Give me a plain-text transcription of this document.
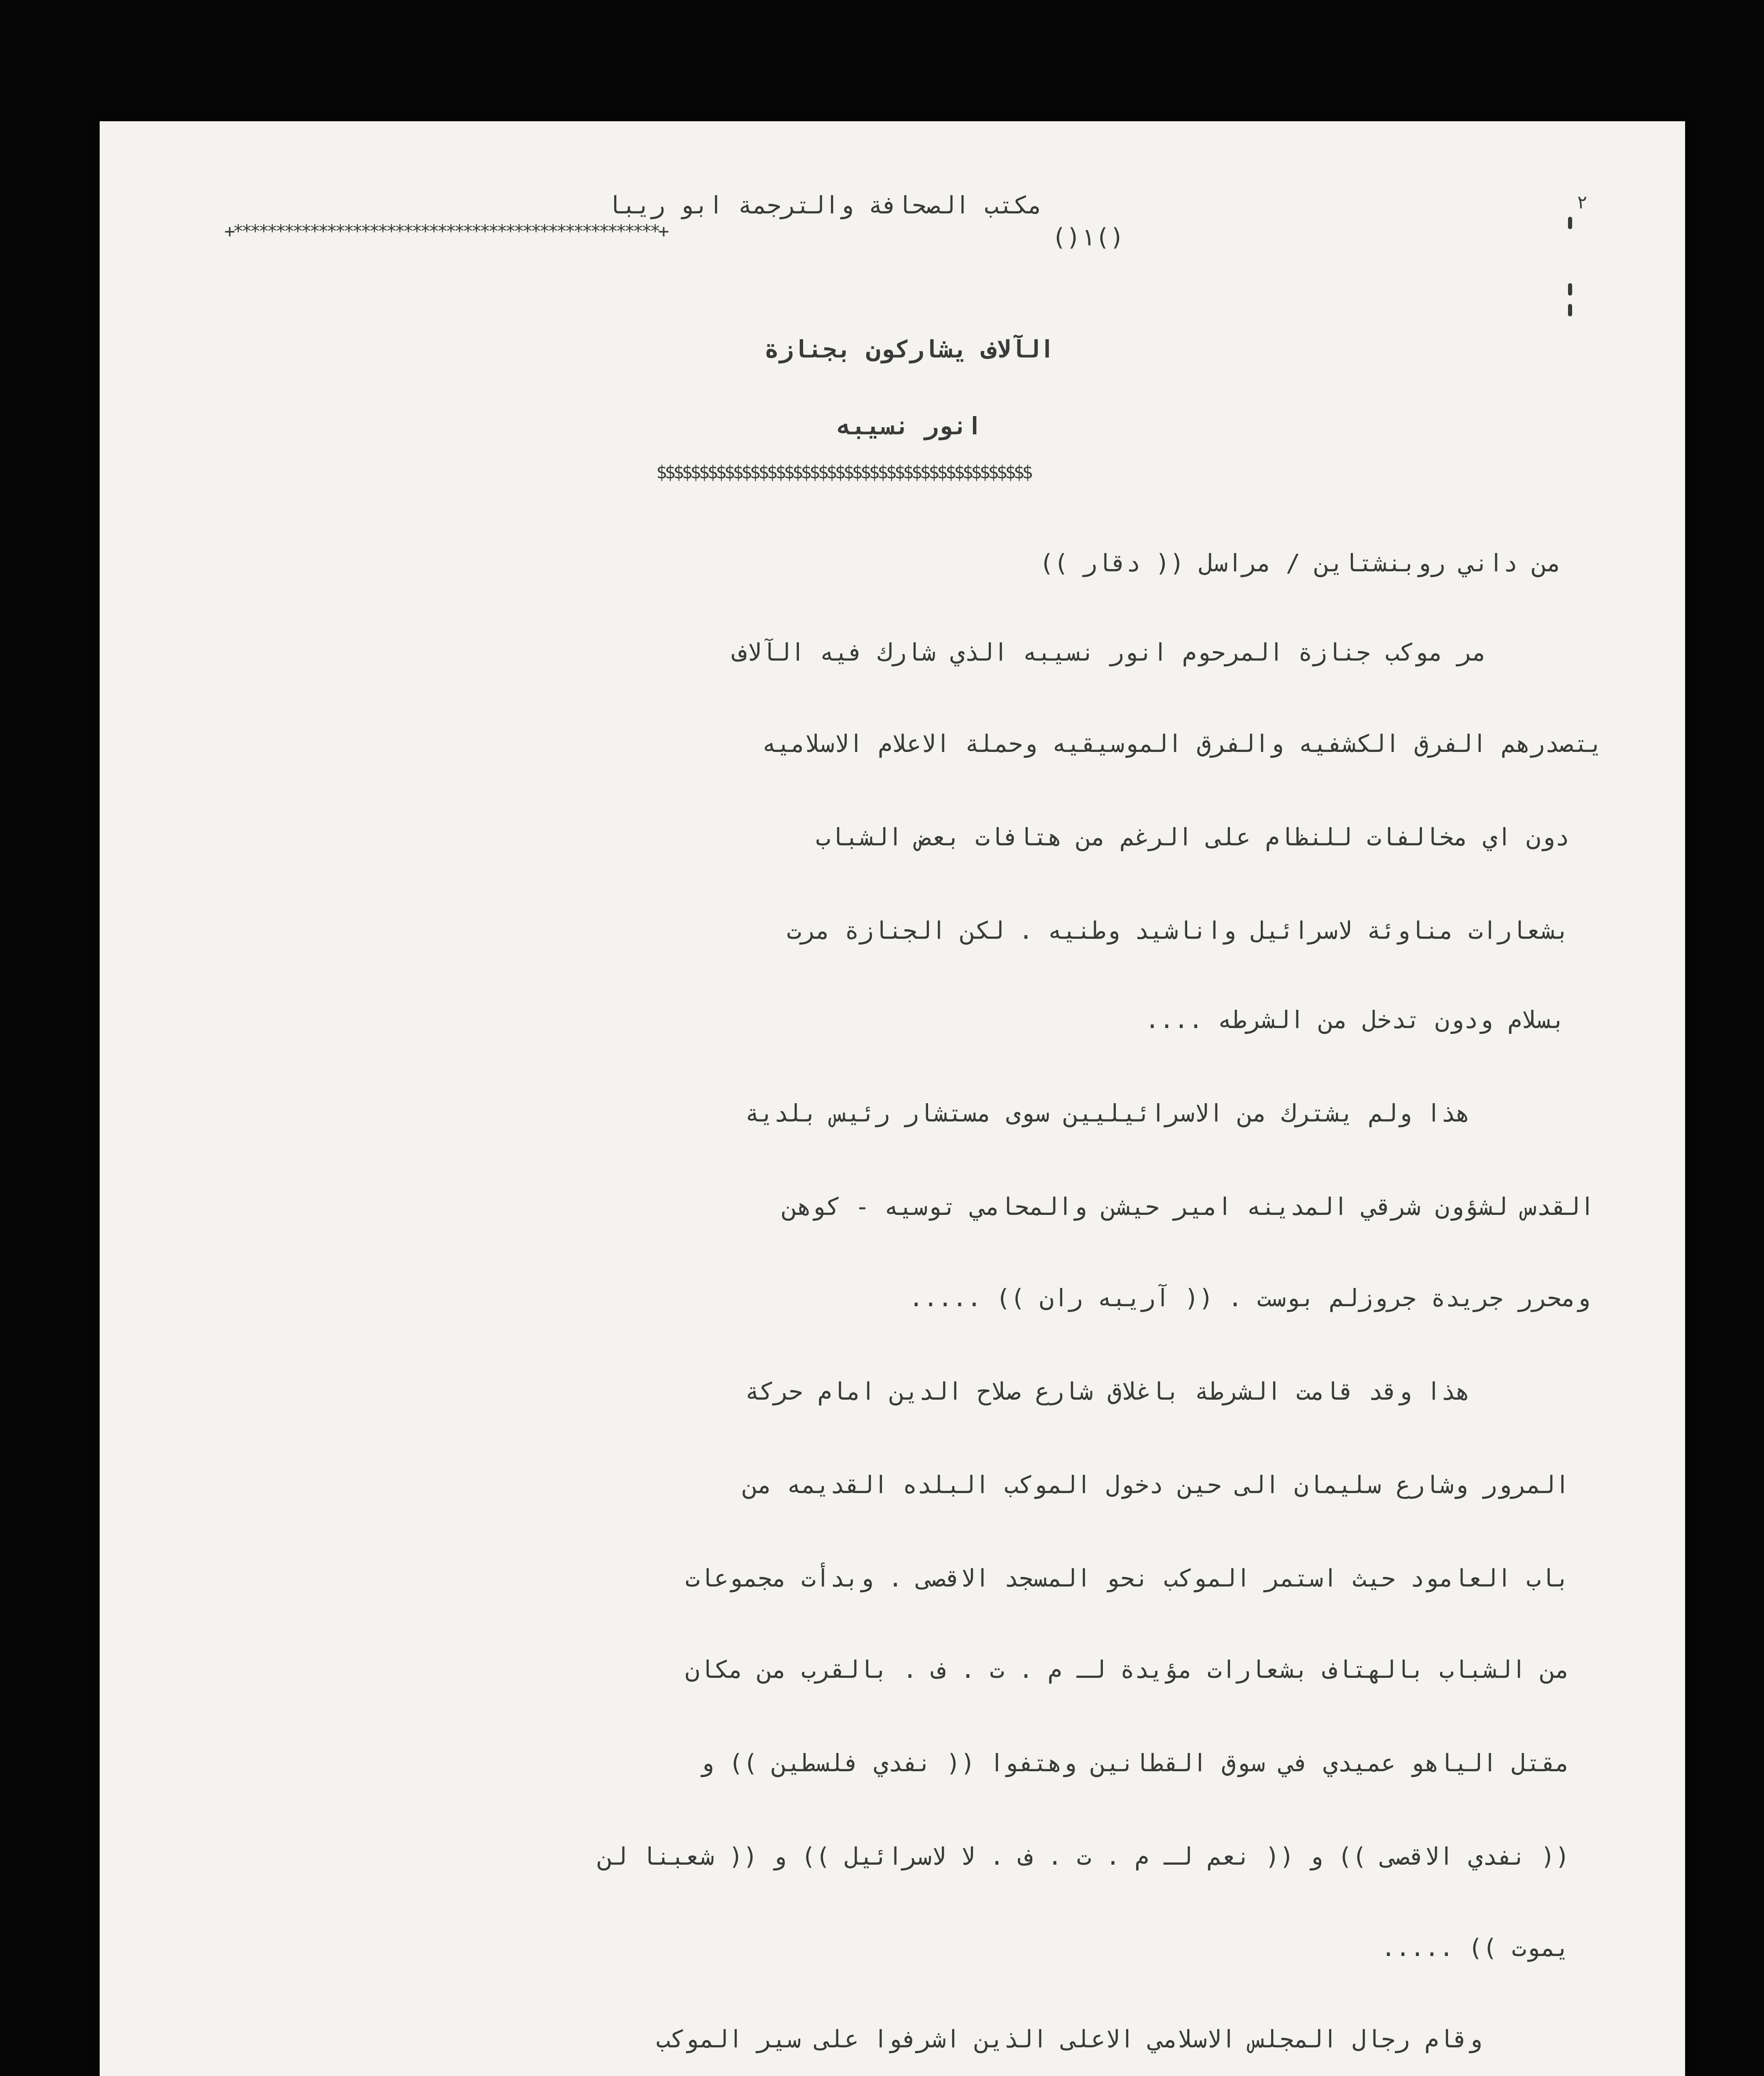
مكتب الصحافة والترجمة ابو ريبا
+**************************************************+	()١()
٢
الآلاف يشاركون بجنازة
انور نسيبه
$$$$$$$$$$$$$$$$$$$$$$$$$$$$$$$$$$$$$$$$$$$$
من داني روبنشتاين / مراسل (( دقار ))
مر موكب جنازة المرحوم انور نسيبه الذي شارك فيه الآلاف
يتصدرهم الفرق الكشفيه والفرق الموسيقيه وحملة الاعلام الاسلاميه
دون اي مخالفات للنظام على الرغم من هتافات بعض الشباب
بشعارات مناوئة لاسرائيل واناشيد وطنيه . لكن الجنازة مرت
بسلام ودون تدخل من الشرطه ....
هذا ولم يشترك من الاسرائيليين سوى مستشار رئيس بلدية
القدس لشؤون شرقي المدينه امير حيشن والمحامي توسيه - كوهن
ومحرر جريدة جروزلم بوست . (( آريبه ران )) .....
هذا وقد قامت الشرطة باغلاق شارع صلاح الدين امام حركة
المرور وشارع سليمان الى حين دخول الموكب البلده القديمه من
باب العامود حيث استمر الموكب نحو المسجد الاقصى . وبدأت مجموعات
من الشباب بالهتاف بشعارات مؤيدة لـ م . ت . ف . بالقرب من مكان
مقتل الياهو عميدي في سوق القطانين وهتفوا (( نفدي فلسطين )) و
(( نفدي الاقصى )) و (( نعم لـ م . ت . ف . لا لاسرائيل )) و (( شعبنا لن
يموت )) .....
وقام رجال المجلس الاسلامي الاعلى الذين اشرفوا على سير الموكب
